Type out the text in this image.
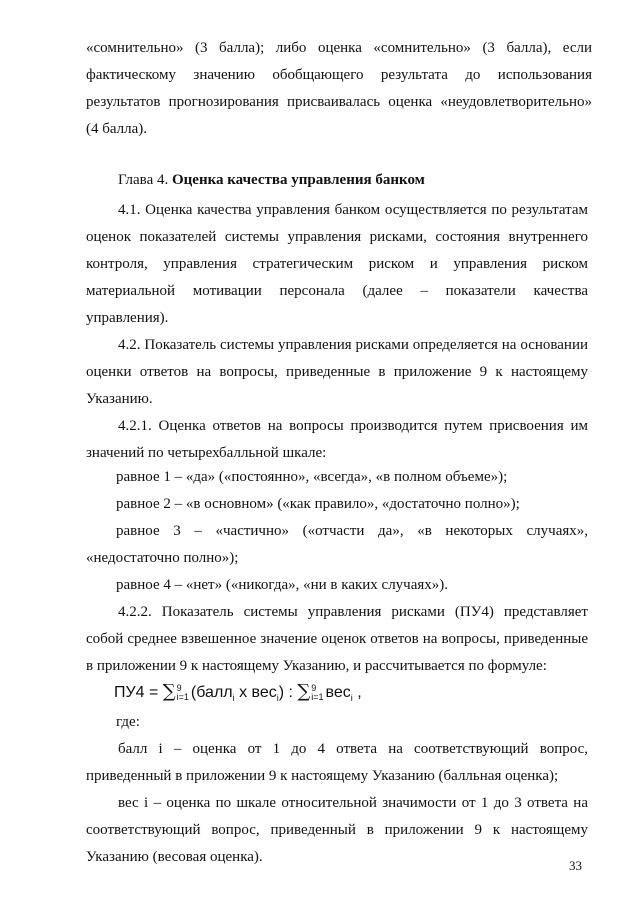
«сомнительно» (3 балла); либо оценка «сомнительно» (3 балла), если
фактическому значению обобщающего результата до использования
результатов прогнозирования присваивалась оценка «неудовлетворительно»
(4 балла).
Глава 4. Оценка качества управления банком
4.1. Оценка качества управления банком осуществляется по результатам оценок показателей системы управления рисками, состояния внутреннего контроля, управления стратегическим риском и управления риском материальной мотивации персонала (далее – показатели качества управления).
4.2. Показатель системы управления рисками определяется на основании оценки ответов на вопросы, приведенные в приложение 9 к настоящему Указанию.
4.2.1. Оценка ответов на вопросы производится путем присвоения им значений по четырехбалльной шкале:
равное 1 – «да» («постоянно», «всегда», «в полном объеме»);
равное 2 – «в основном» («как правило», «достаточно полно»);
равное 3 – «частично» («отчасти да», «в некоторых случаях», «недостаточно полно»);
равное 4 – «нет» («никогда», «ни в каких случаях»).
4.2.2. Показатель системы управления рисками (ПУ4) представляет собой среднее взвешенное значение оценок ответов на вопросы, приведенные в приложении 9 к настоящему Указанию, и рассчитывается по формуле:
ПУ4 = ∑ 9
i=1 (балл$_i$ х вес$_i$) : ∑ 9
i=1 вес$_i$ ,
где:
балл i – оценка от 1 до 4 ответа на соответствующий вопрос, приведенный в приложении 9 к настоящему Указанию (балльная оценка);
вес i – оценка по шкале относительной значимости от 1 до 3 ответа на соответствующий вопрос, приведенный в приложении 9 к настоящему Указанию (весовая оценка).
33
